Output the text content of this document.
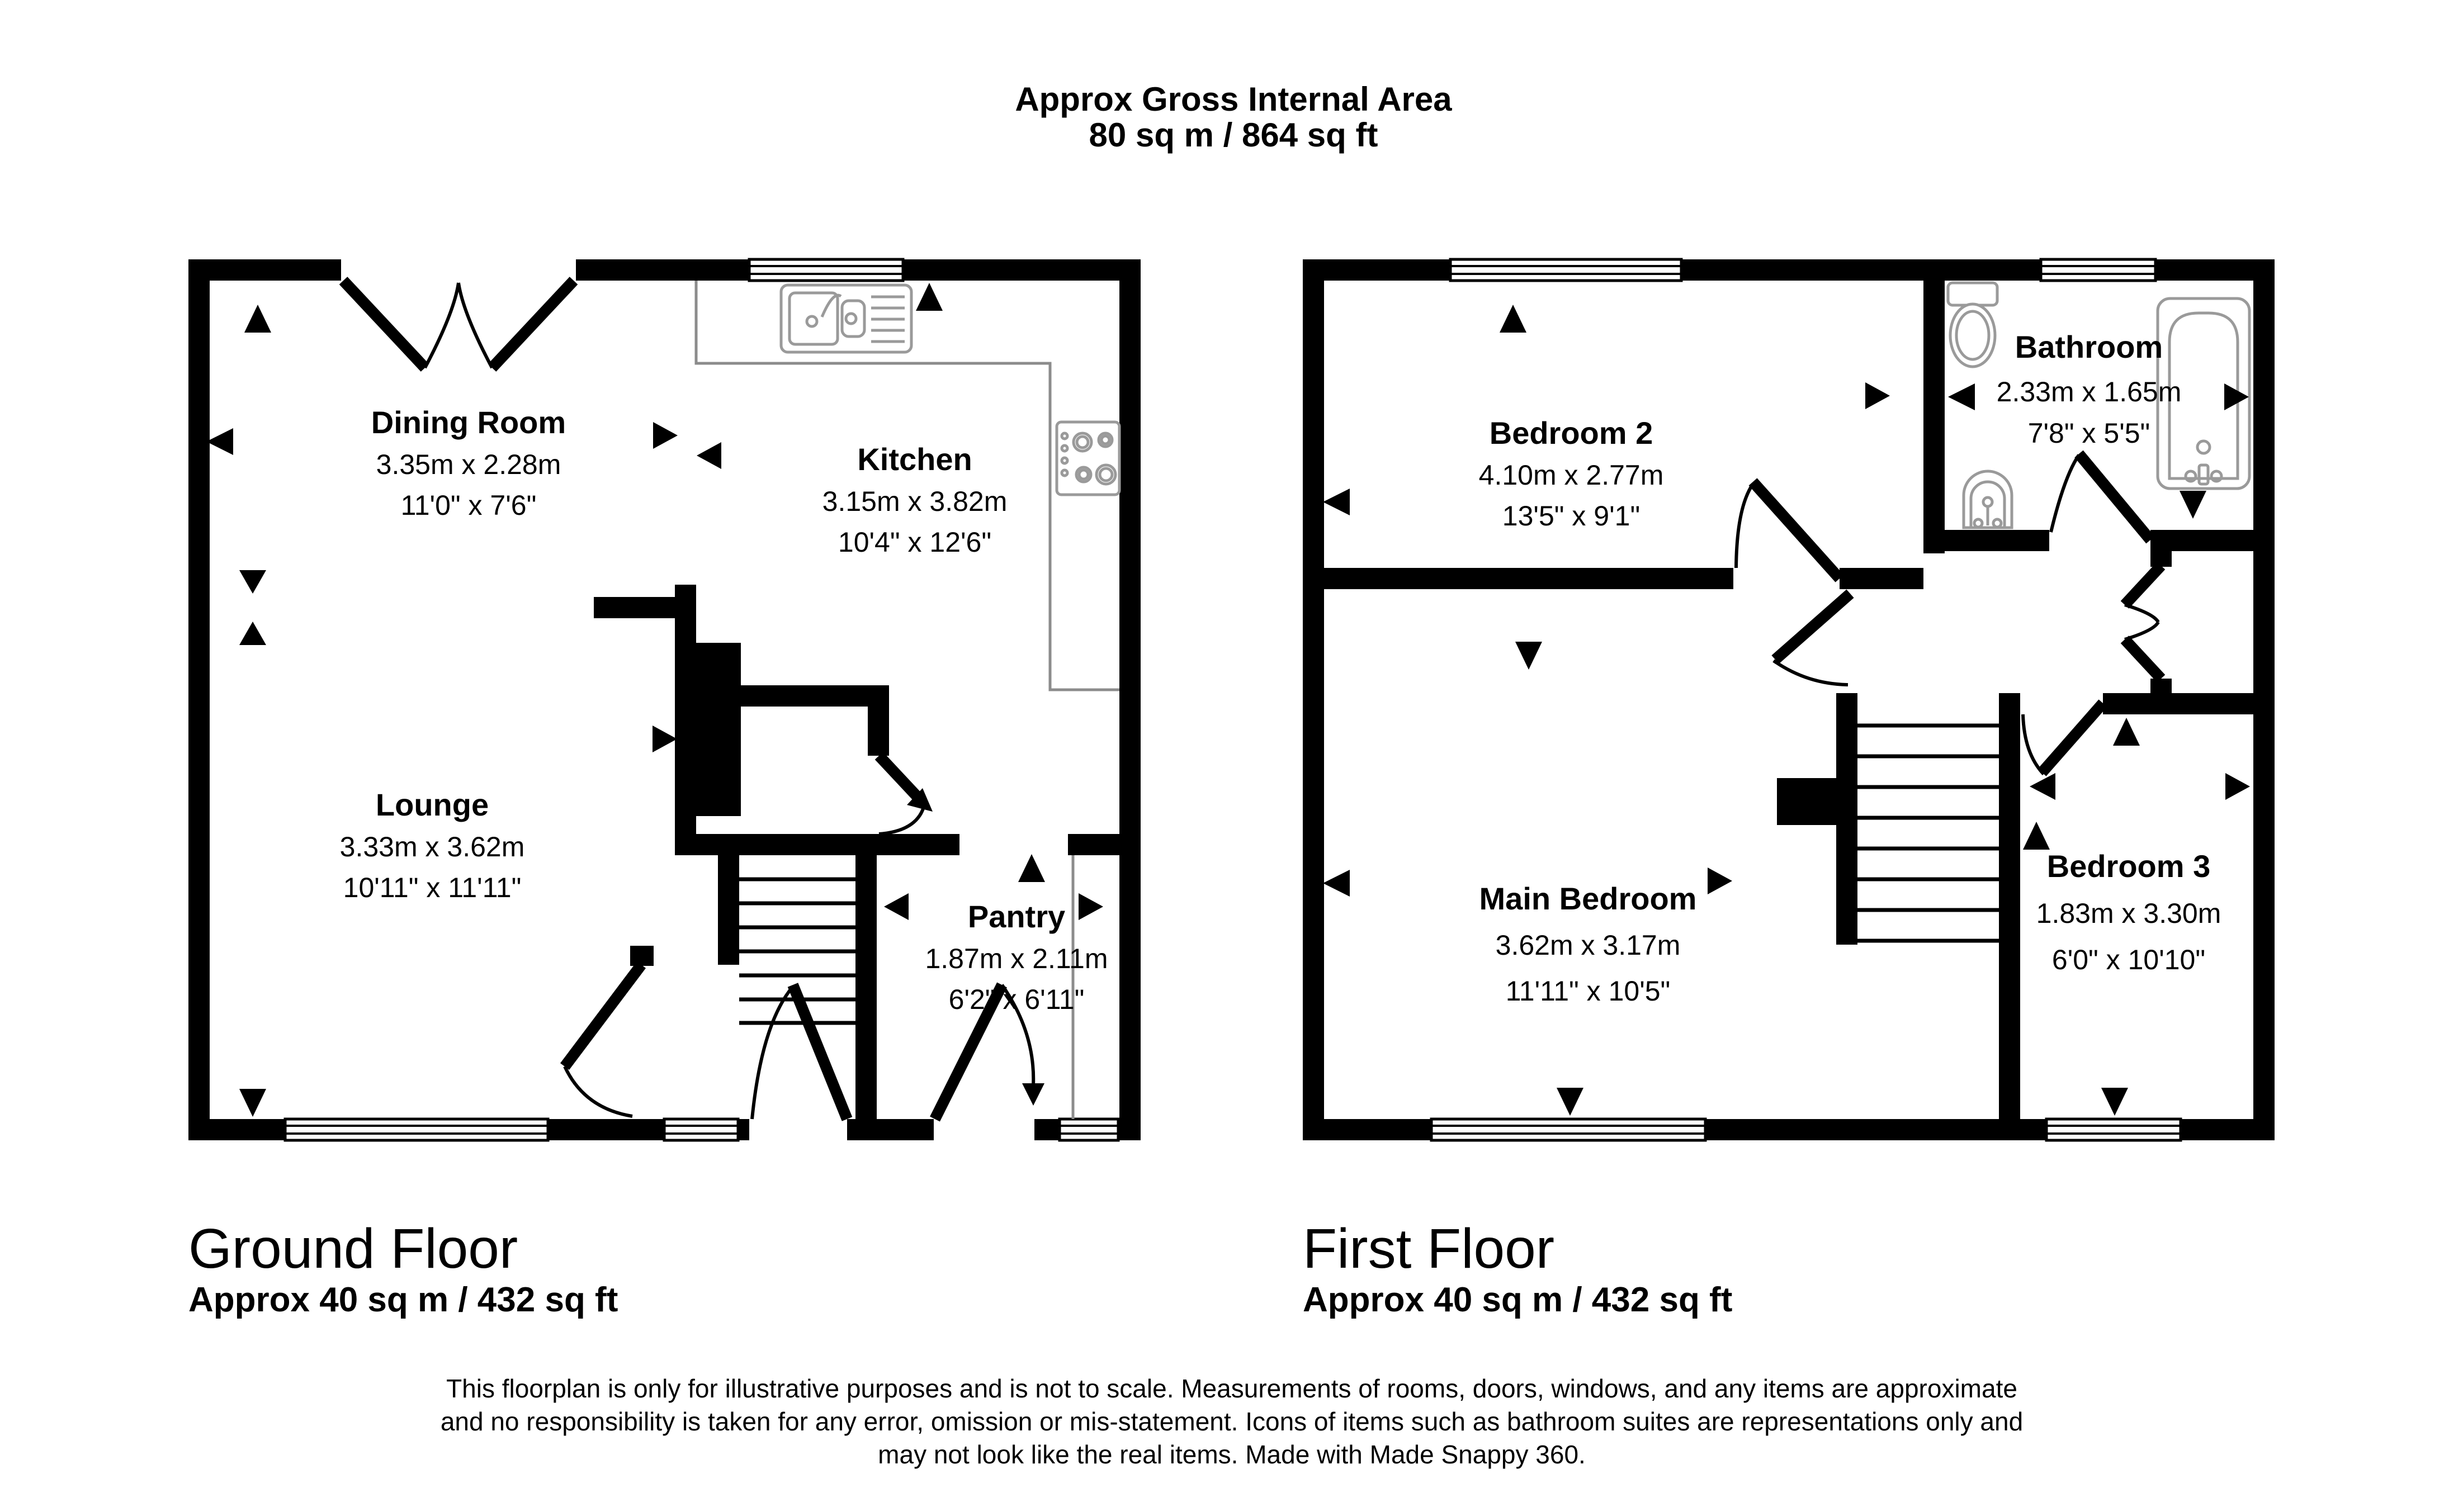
Approx Gross Internal Area
80 sq m / 864 sq ft
Dining Room
3.35m x 2.28m
11'0" x 7'6"
Kitchen
3.15m x 3.82m
10'4" x 12'6"
Lounge
3.33m x 3.62m
10'11" x 11'11"
Pantry
1.87m x 2.11m
6'2" x 6'11"
Bedroom 2
4.10m x 2.77m
13'5" x 9'1"
Bathroom
2.33m x 1.65m
7'8" x 5'5"
Main Bedroom
3.62m x 3.17m
11'11" x 10'5"
Bedroom 3
1.83m x 3.30m
6'0" x 10'10"
Ground Floor
Approx 40 sq m / 432 sq ft
First Floor
Approx 40 sq m / 432 sq ft
This floorplan is only for illustrative purposes and is not to scale. Measurements of rooms, doors, windows, and any items are approximate
and no responsibility is taken for any error, omission or mis-statement. Icons of items such as bathroom suites are representations only and
may not look like the real items. Made with Made Snappy 360.
